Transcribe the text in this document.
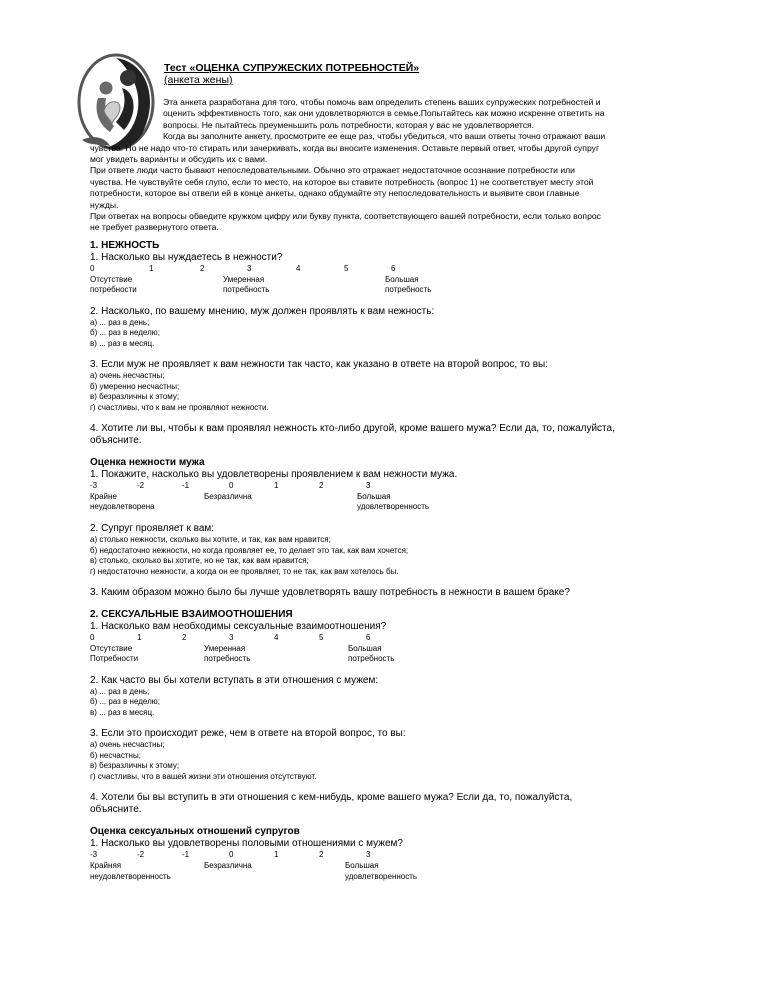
Тест «ОЦЕНКА СУПРУЖЕСКИХ ПОТРЕБНОСТЕЙ»
(анкета жены)

Эта анкета разработана для того, чтобы помочь вам определить степень ваших супружеских потребностей и

оценить эффективность того, как они удовлетворяются в семье.Попытайтесь как можно искренне ответить на

вопросы. Не пытайтесь преуменьшить роль потребности, которая у вас не удовлетворяется.

Когда вы заполните анкету, просмотрите ее еще раз, чтобы убедиться, что ваши ответы точно отражают ваши

чувства. Но не надо что-то стирать или зачеркивать, когда вы вносите изменения. Оставьте первый ответ, чтобы другой супруг

мог увидеть варианты и обсудить их с вами.

При ответе люди часто бывают непоследовательными. Обычно это отражает недостаточное осознание потребности или

чувства. Не чувствуйте себя глупо, если то место, на которое вы ставите потребность (вопрос 1) не соответствует месту этой

потребности, которое вы отвели ей в конце анкеты, однако обдумайте эту непоследовательность и выявите свои главные

нужды.

При ответах на вопросы обведите кружком цифру или букву пункта, соответствующего вашей потребности, если только вопрос

не требует развернутого ответа.

1. НЕЖНОСТЬ
1. Насколько вы нуждаетесь в нежности?
0	1	2	3	4	5	6
Отсутствие
потребности
Умеренная
потребность
Большая
потребность
2. Насколько, по вашему мнению, муж должен проявлять к вам нежность:
а) ... раз в день;
б) ... раз в неделю;
в) ... раз в месяц.
3. Если муж не проявляет к вам нежности так часто, как указано в ответе на второй вопрос, то вы:
а) очень несчастны;
б) умеренно несчастны;
в) безразличны к этому;
г) счастливы, что к вам не проявляют нежности.
4. Хотите ли вы, чтобы к вам проявлял нежность кто-либо другой, кроме вашего мужа? Если да, то, пожалуйста,
объясните.
Оценка нежности мужа
1. Покажите, насколько вы удовлетворены проявлением к вам нежности мужа.
-3	-2	-1	0	1	2	3
Крайне
неудовлетворена
Безразлична	Большая
удовлетворенность
2. Супруг проявляет к вам:
а) столько нежности, сколько вы хотите, и так, как вам нравится;
б) недостаточно нежности, но когда проявляет ее, то делает это так, как вам хочется;
в) столько, сколько вы хотите, но не так, как вам нравится;
г) недостаточно нежности, а когда он ее проявляет, то не так, как вам хотелось бы.
3. Каким образом можно было бы лучше удовлетворять вашу потребность в нежности в вашем браке?
2. СЕКСУАЛЬНЫЕ ВЗАИМООТНОШЕНИЯ
1. Насколько вам необходимы сексуальные взаимоотношения?
0	1	2	3	4	5	6
Отсутствие
Потребности
Умеренная
потребность
Большая
потребность
2. Как часто вы бы хотели вступать в эти отношения с мужем:
а) ... раз в день;
б) ... раз в неделю;
в) ... раз в месяц.
3. Если это происходит реже, чем в ответе на второй вопрос, то вы:
а) очень несчастны;
б) несчастны;
в) безразличны к этому;
г) счастливы, что в вашей жизни эти отношения отсутствуют.
4. Хотели бы вы вступить в эти отношения с кем-нибудь, кроме вашего мужа? Если да, то, пожалуйста,
объясните.
Оценка сексуальных отношений супругов
1. Насколько вы удовлетворены половыми отношениями с мужем?
-3	-2	-1	0	1	2	3
Крайняя
неудовлетворенность
Безразлична	Большая
удовлетворенность
